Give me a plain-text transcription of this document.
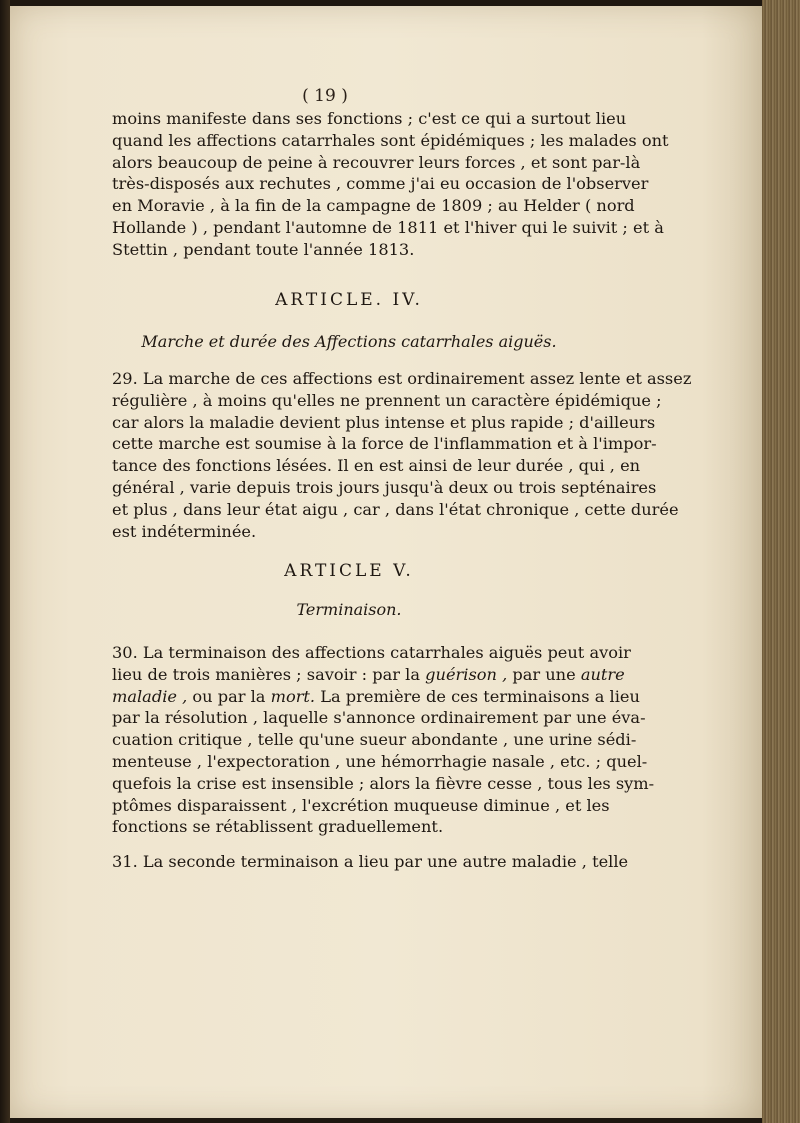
( 19 )
moins manifeste dans ses fonctions ; c'est ce qui a surtout lieu
quand les affections catarrhales sont épidémiques ; les malades ont
alors beaucoup de peine à recouvrer leurs forces , et sont par-là
très-disposés aux rechutes , comme j'ai eu occasion de l'observer
en Moravie , à la fin de la campagne de 1809 ; au Helder ( nord
Hollande ) , pendant l'automne de 1811 et l'hiver qui le suivit ; et à
Stettin , pendant toute l'année 1813.
ARTICLE. IV.
Marche et durée des Affections catarrhales aiguës.
29. La marche de ces affections est ordinairement assez lente et assez
régulière , à moins qu'elles ne prennent un caractère épidémique ;
car alors la maladie devient plus intense et plus rapide ; d'ailleurs
cette marche est soumise à la force de l'inflammation et à l'impor-
tance des fonctions lésées. Il en est ainsi de leur durée , qui , en
général , varie depuis trois jours jusqu'à deux ou trois septénaires
et plus , dans leur état aigu , car , dans l'état chronique , cette durée
est indéterminée.
ARTICLE V.
Terminaison.
30. La terminaison des affections catarrhales aiguës peut avoir
lieu de trois manières ; savoir : par la guérison , par une autre
maladie , ou par la mort. La première de ces terminaisons a lieu
par la résolution , laquelle s'annonce ordinairement par une éva-
cuation critique , telle qu'une sueur abondante , une urine sédi-
menteuse , l'expectoration , une hémorrhagie nasale , etc. ; quel-
quefois la crise est insensible ; alors la fièvre cesse , tous les sym-
ptômes disparaissent , l'excrétion muqueuse diminue , et les
fonctions se rétablissent graduellement.
31. La seconde terminaison a lieu par une autre maladie , telle
